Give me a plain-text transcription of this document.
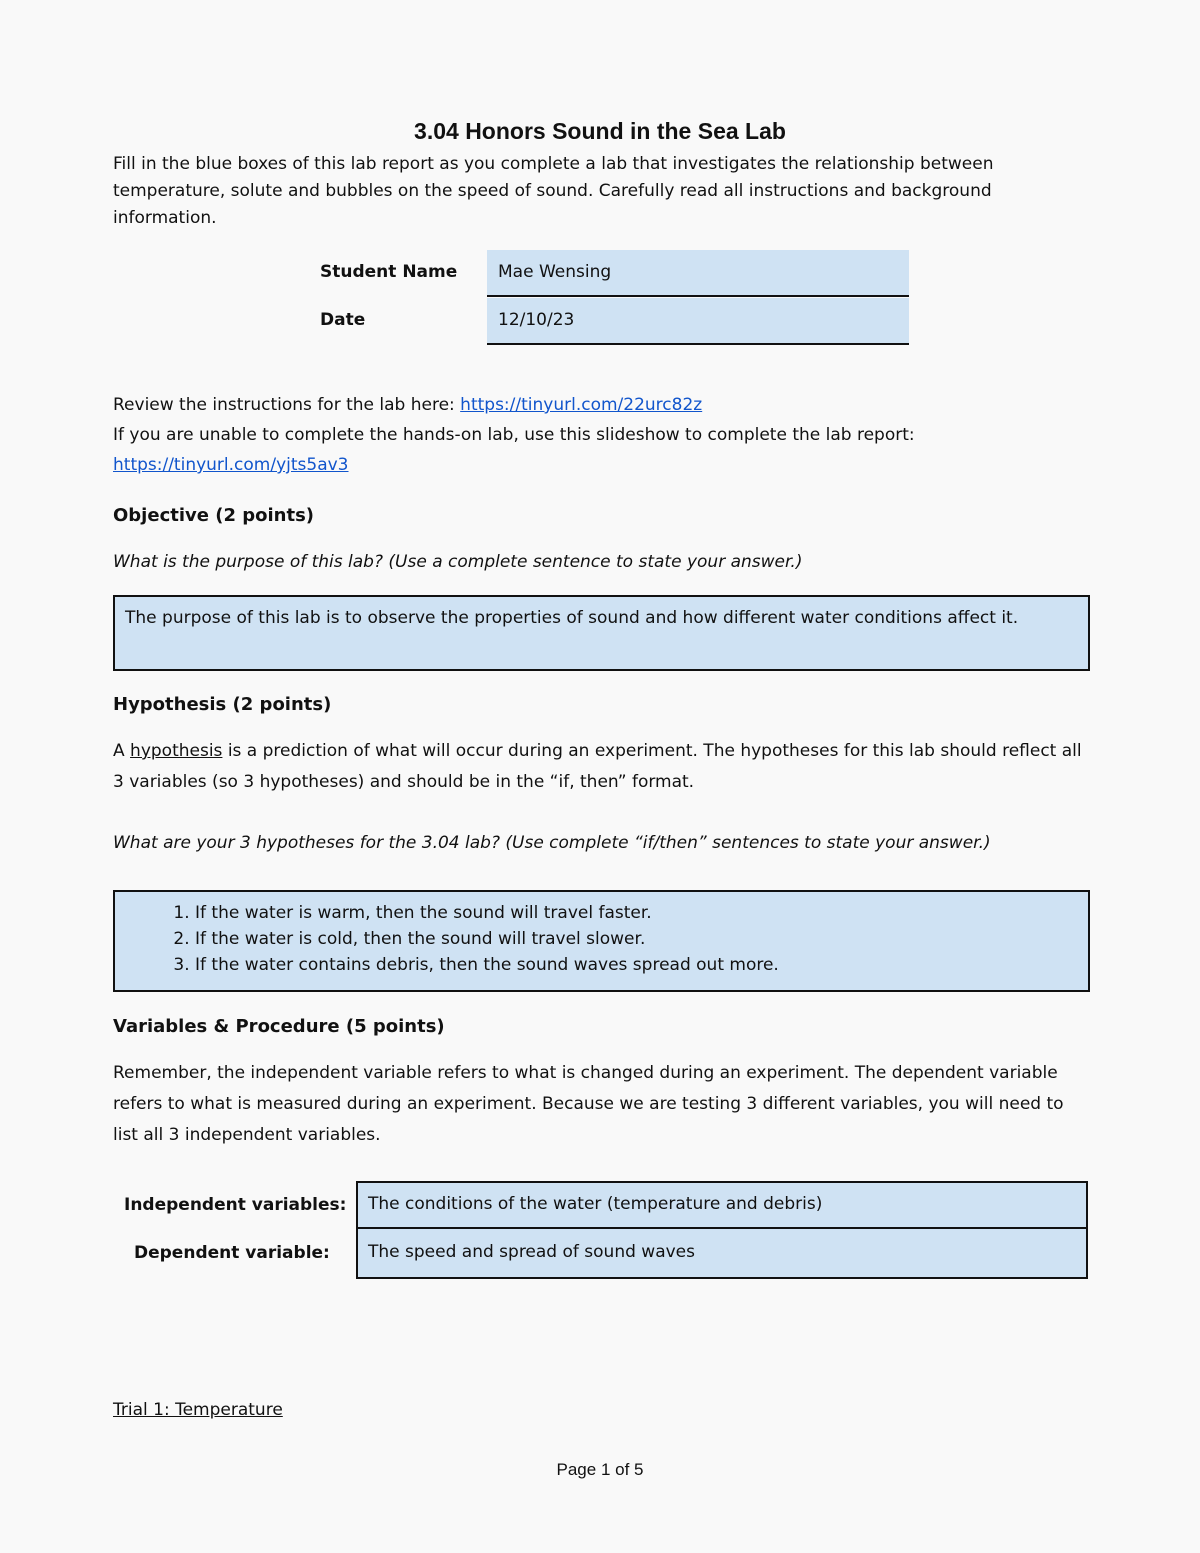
3.04 Honors Sound in the Sea Lab
Fill in the blue boxes of this lab report as you complete a lab that investigates the relationship between temperature, solute and bubbles on the speed of sound. Carefully read all instructions and background information.
Student Name	Mae Wensing
Date	12/10/23
Review the instructions for the lab here: https://tinyurl.com/22urc82z
If you are unable to complete the hands-on lab, use this slideshow to complete the lab report:
https://tinyurl.com/yjts5av3
Objective (2 points)
What is the purpose of this lab? (Use a complete sentence to state your answer.)
The purpose of this lab is to observe the properties of sound and how different water conditions affect it.
Hypothesis (2 points)
A hypothesis is a prediction of what will occur during an experiment. The hypotheses for this lab should reflect all 3 variables (so 3 hypotheses) and should be in the “if, then” format.
What are your 3 hypotheses for the 3.04 lab? (Use complete “if/then” sentences to state your answer.)
1. If the water is warm, then the sound will travel faster.
2. If the water is cold, then the sound will travel slower.
3. If the water contains debris, then the sound waves spread out more.
Variables & Procedure (5 points)
Remember, the independent variable refers to what is changed during an experiment. The dependent variable refers to what is measured during an experiment. Because we are testing 3 different variables, you will need to list all 3 independent variables.
Independent variables:	The conditions of the water (temperature and debris)
Dependent variable:	The speed and spread of sound waves
Trial 1: Temperature
Page 1 of 5
